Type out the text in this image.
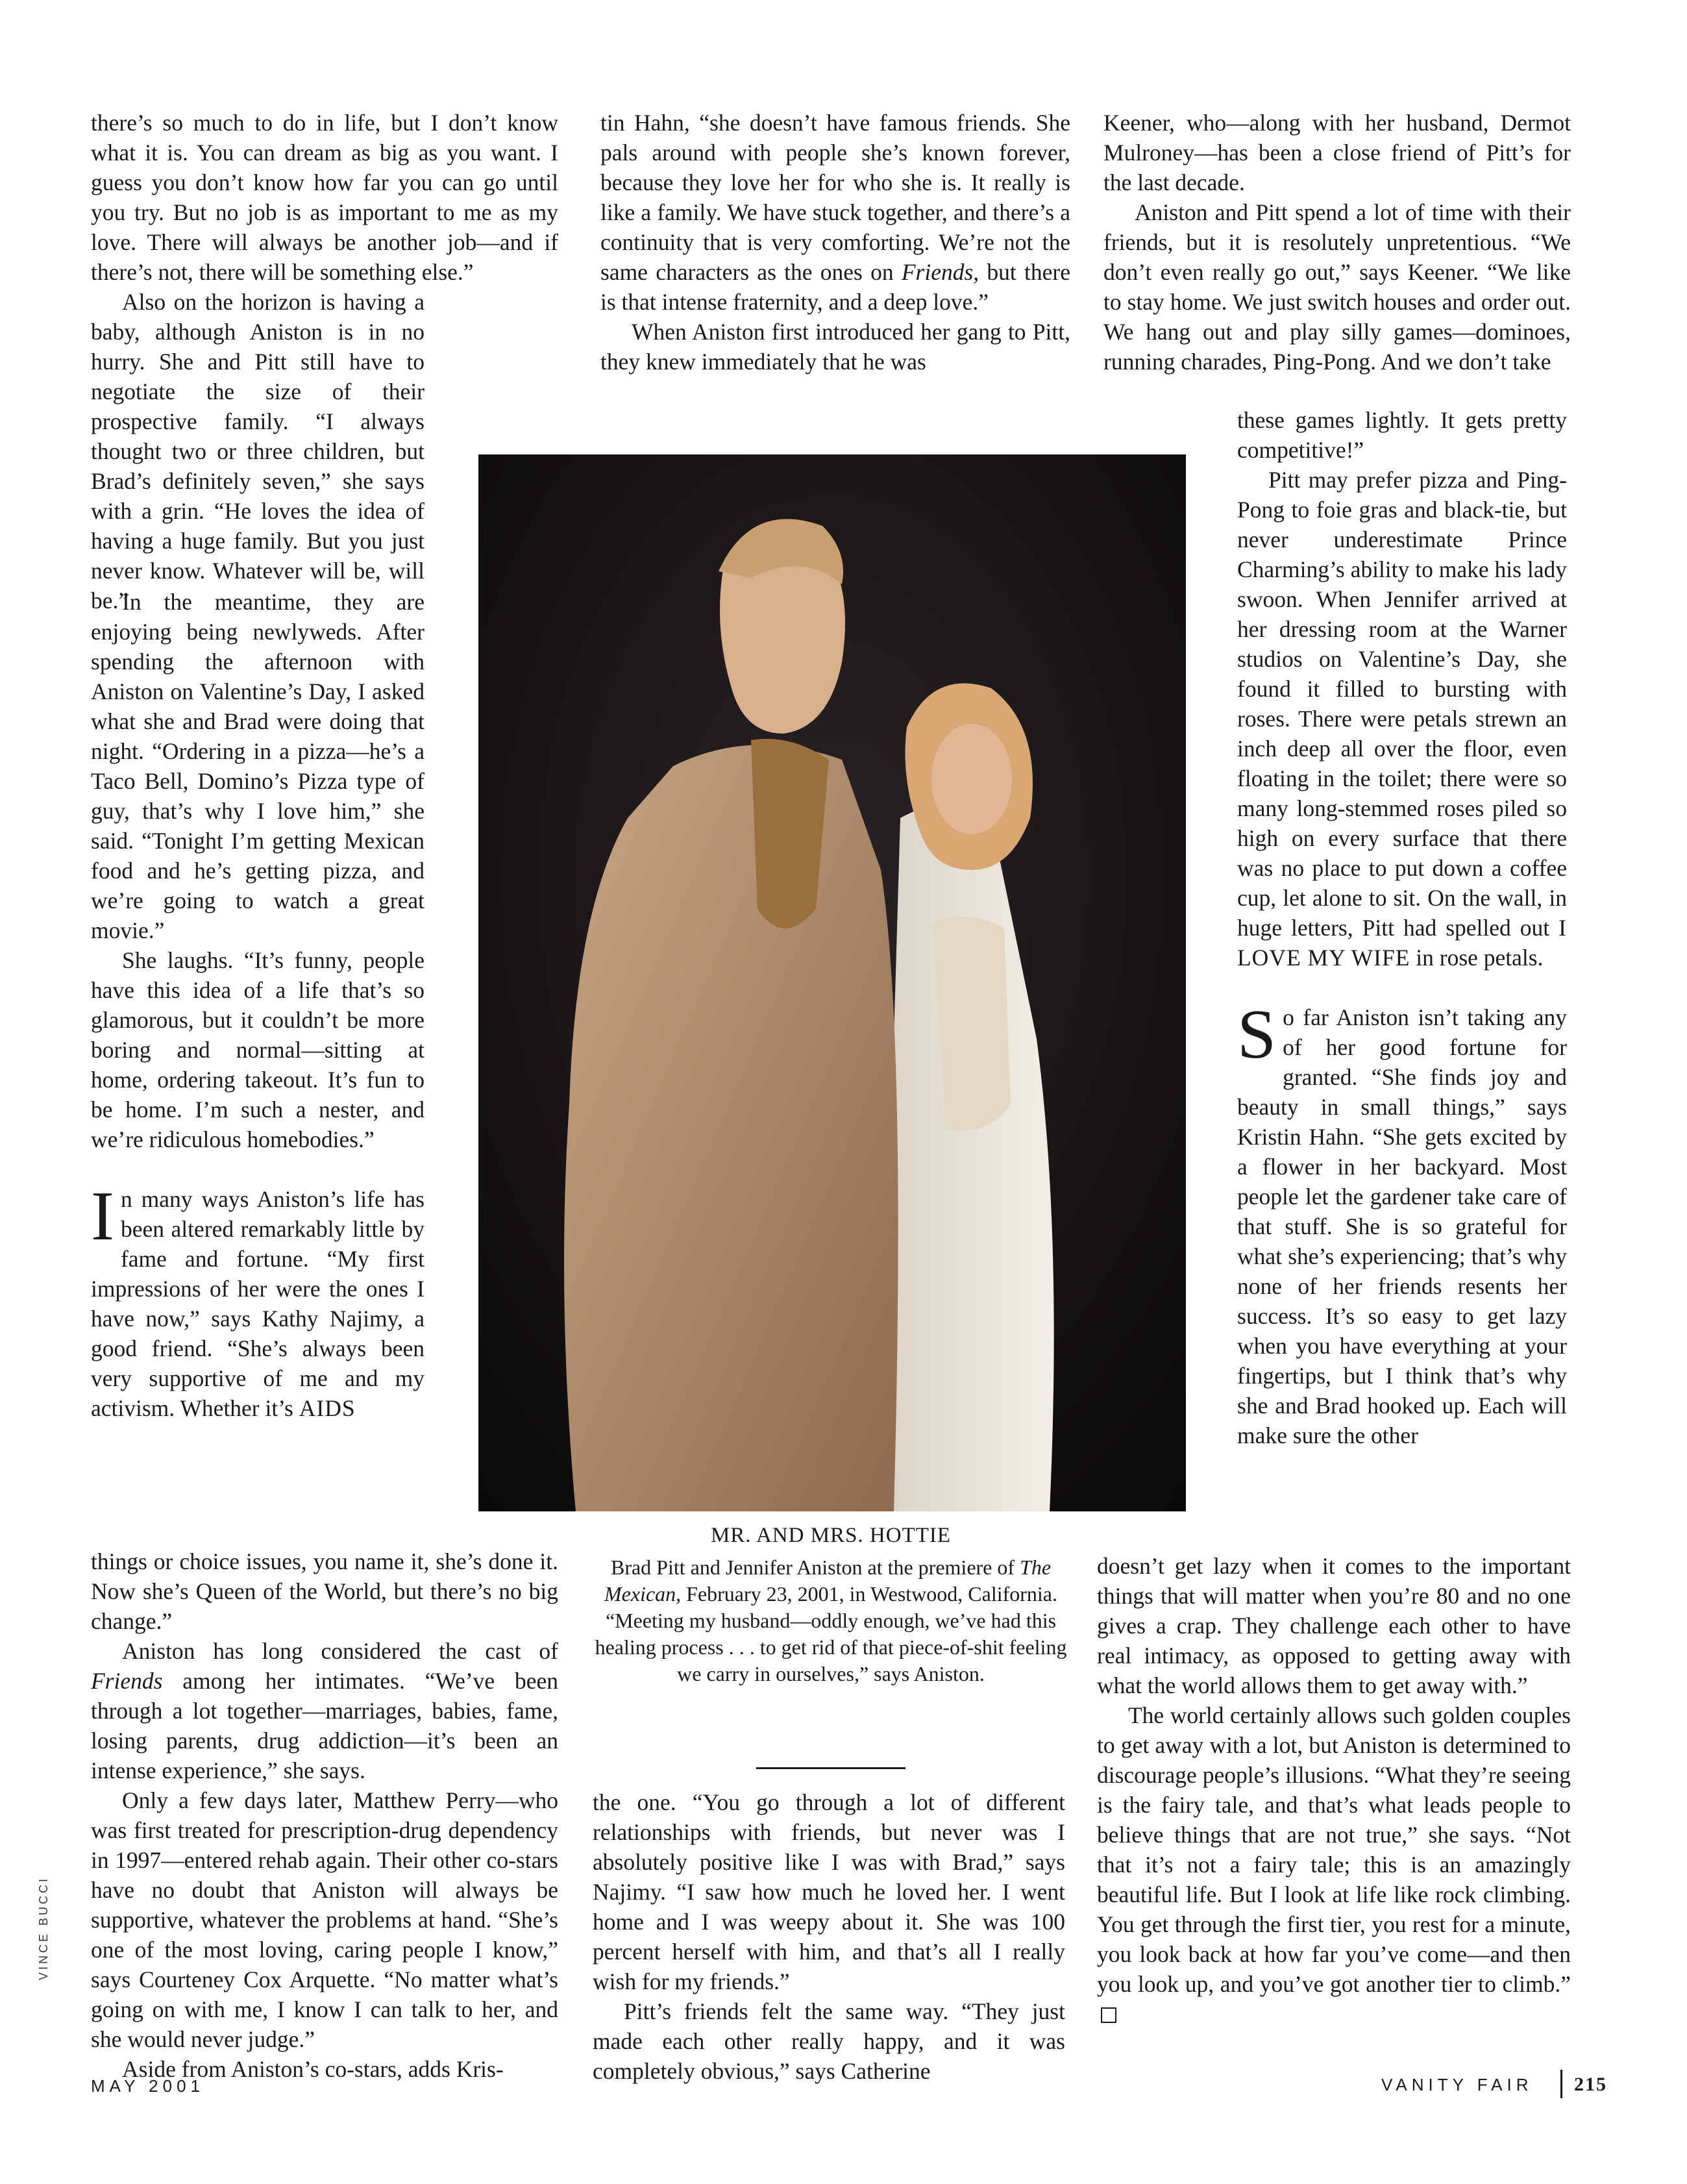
there’s so much to do in life, but I don’t know what it is. You can dream as big as you want. I guess you don’t know how far you can go until you try. But no job is as important to me as my love. There will always be another job—and if there’s not, there will be something else.”

Also on the horizon is having a baby, although Aniston is in no hurry. She and Pitt still have to negotiate the size of their prospective family. “I always thought two or three children, but Brad’s definitely seven,” she says with a grin. “He loves the idea of having a huge family. But you just never know. Whatever will be, will be.”

In the meantime, they are enjoying being newlyweds. After spending the afternoon with Aniston on Valentine’s Day, I asked what she and Brad were doing that night. “Ordering in a pizza—he’s a Taco Bell, Domino’s Pizza type of guy, that’s why I love him,” she said. “Tonight I’m getting Mexican food and he’s getting pizza, and we’re going to watch a great movie.”

She laughs. “It’s funny, people have this idea of a life that’s so glamorous, but it couldn’t be more boring and normal—sitting at home, ordering takeout. It’s fun to be home. I’m such a nester, and we’re ridiculous homebodies.”

In many ways Aniston’s life has been altered remarkably little by fame and fortune. “My first impressions of her were the ones I have now,” says Kathy Najimy, a good friend. “She’s always been very supportive of me and my activism. Whether it’s AIDS

things or choice issues, you name it, she’s done it. Now she’s Queen of the World, but there’s no big change.”

Aniston has long considered the cast of Friends among her intimates. “We’ve been through a lot together—marriages, babies, fame, losing parents, drug addiction—it’s been an intense experience,” she says.

Only a few days later, Matthew Perry—who was first treated for prescription-drug dependency in 1997—entered rehab again. Their other co-stars have no doubt that Aniston will always be supportive, whatever the problems at hand. “She’s one of the most loving, caring people I know,” says Courteney Cox Arquette. “No matter what’s going on with me, I know I can talk to her, and she would never judge.”

Aside from Aniston’s co-stars, adds Kris-

tin Hahn, “she doesn’t have famous friends. She pals around with people she’s known forever, because they love her for who she is. It really is like a family. We have stuck together, and there’s a continuity that is very comforting. We’re not the same characters as the ones on Friends, but there is that intense fraternity, and a deep love.”

When Aniston first introduced her gang to Pitt, they knew immediately that he was

MR. AND MRS. HOTTIE
Brad Pitt and Jennifer Aniston at the premiere of The Mexican, February 23, 2001, in Westwood, California. “Meeting my husband—oddly enough, we’ve had this healing process . . . to get rid of that piece-of-shit feeling we carry in ourselves,” says Aniston.

the one. “You go through a lot of different relationships with friends, but never was I absolutely positive like I was with Brad,” says Najimy. “I saw how much he loved her. I went home and I was weepy about it. She was 100 percent herself with him, and that’s all I really wish for my friends.”

Pitt’s friends felt the same way. “They just made each other really happy, and it was completely obvious,” says Catherine

Keener, who—along with her husband, Dermot Mulroney—has been a close friend of Pitt’s for the last decade.

Aniston and Pitt spend a lot of time with their friends, but it is resolutely unpretentious. “We don’t even really go out,” says Keener. “We like to stay home. We just switch houses and order out. We hang out and play silly games—dominoes, running charades, Ping-Pong. And we don’t take

these games lightly. It gets pretty competitive!”

Pitt may prefer pizza and Ping-Pong to foie gras and black-tie, but never underestimate Prince Charming’s ability to make his lady swoon. When Jennifer arrived at her dressing room at the Warner studios on Valentine’s Day, she found it filled to bursting with roses. There were petals strewn an inch deep all over the floor, even floating in the toilet; there were so many long-stemmed roses piled so high on every surface that there was no place to put down a coffee cup, let alone to sit. On the wall, in huge letters, Pitt had spelled out I LOVE MY WIFE in rose petals.

So far Aniston isn’t taking any of her good fortune for granted. “She finds joy and beauty in small things,” says Kristin Hahn. “She gets excited by a flower in her backyard. Most people let the gardener take care of that stuff. She is so grateful for what she’s experiencing; that’s why none of her friends resents her success. It’s so easy to get lazy when you have everything at your fingertips, but I think that’s why she and Brad hooked up. Each will make sure the other

doesn’t get lazy when it comes to the important things that will matter when you’re 80 and no one gives a crap. They challenge each other to have real intimacy, as opposed to getting away with what the world allows them to get away with.”

The world certainly allows such golden couples to get away with a lot, but Aniston is determined to discourage people’s illusions. “What they’re seeing is the fairy tale, and that’s what leads people to believe things that are not true,” she says. “Not that it’s not a fairy tale; this is an amazingly beautiful life. But I look at life like rock climbing. You get through the first tier, you rest for a minute, you look back at how far you’ve come—and then you look up, and you’ve got another tier to climb.”

VINCE BUCCI
MAY 2001	VANITY FAIR 215
